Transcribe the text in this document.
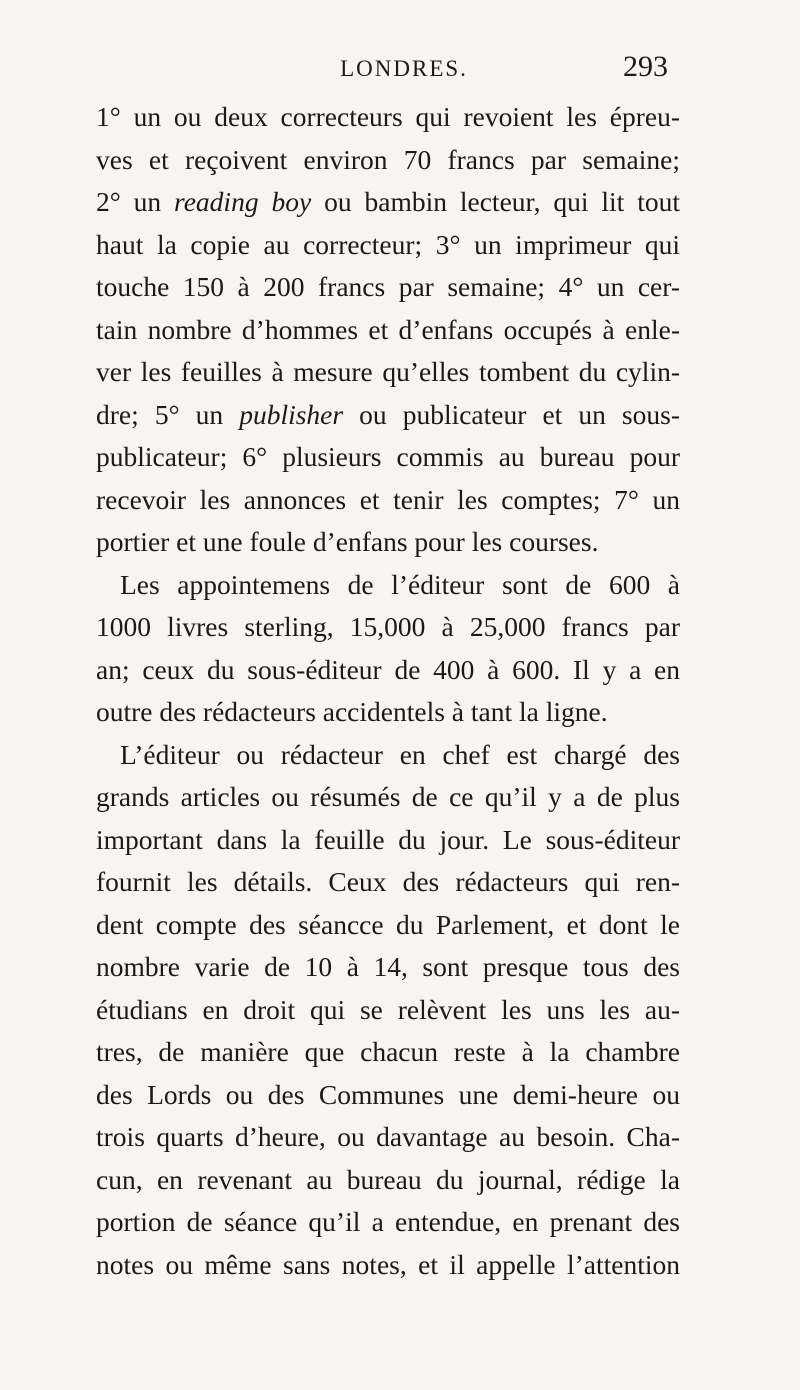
LONDRES.	293
1° un ou deux correcteurs qui revoient les épreu-
ves et reçoivent environ 70 francs par semaine;
2° un reading boy ou bambin lecteur, qui lit tout
haut la copie au correcteur; 3° un imprimeur qui
touche 150 à 200 francs par semaine; 4° un cer-
tain nombre d’hommes et d’enfans occupés à enle-
ver les feuilles à mesure qu’elles tombent du cylin-
dre; 5° un publisher ou publicateur et un sous-
publicateur; 6° plusieurs commis au bureau pour
recevoir les annonces et tenir les comptes; 7° un
portier et une foule d’enfans pour les courses.
Les appointemens de l’éditeur sont de 600 à
1000 livres sterling, 15,000 à 25,000 francs par
an; ceux du sous-éditeur de 400 à 600. Il y a en
outre des rédacteurs accidentels à tant la ligne.
L’éditeur ou rédacteur en chef est chargé des
grands articles ou résumés de ce qu’il y a de plus
important dans la feuille du jour. Le sous-éditeur
fournit les détails. Ceux des rédacteurs qui ren-
dent compte des séancce du Parlement, et dont le
nombre varie de 10 à 14, sont presque tous des
étudians en droit qui se relèvent les uns les au-
tres, de manière que chacun reste à la chambre
des Lords ou des Communes une demi-heure ou
trois quarts d’heure, ou davantage au besoin. Cha-
cun, en revenant au bureau du journal, rédige la
portion de séance qu’il a entendue, en prenant des
notes ou même sans notes, et il appelle l’attention
